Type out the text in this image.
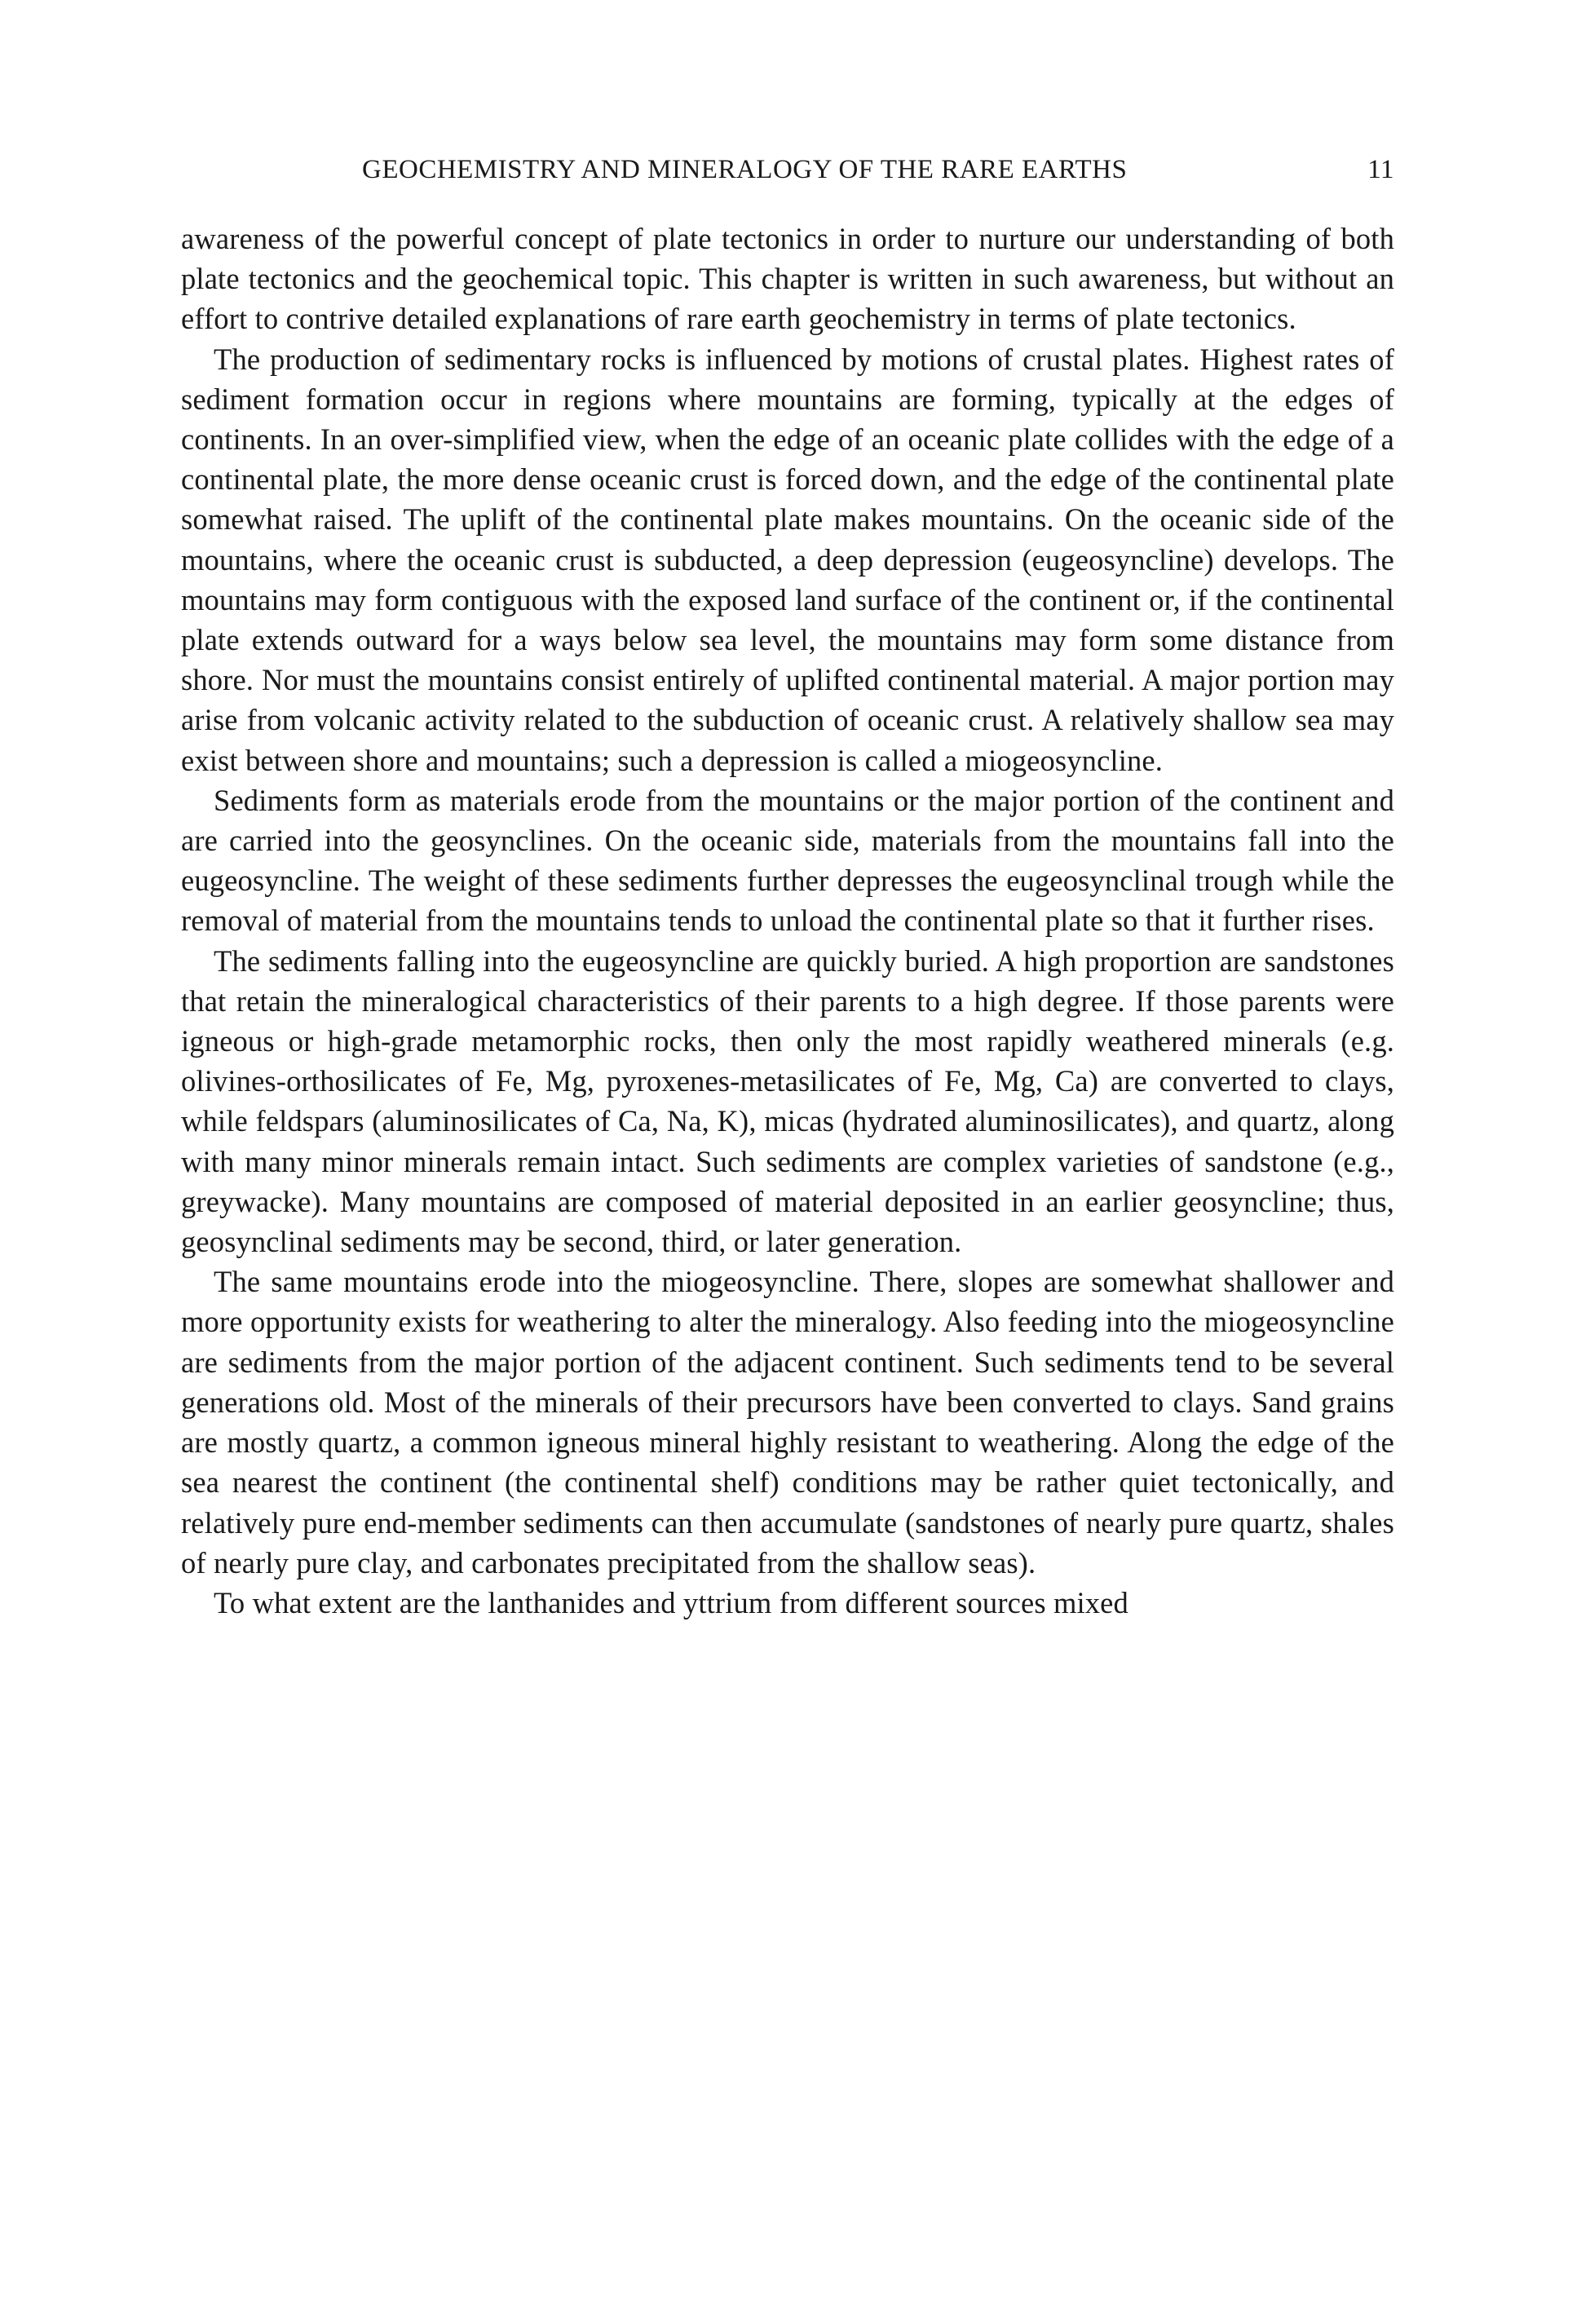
GEOCHEMISTRY AND MINERALOGY OF THE RARE EARTHS	11

awareness of the powerful concept of plate tectonics in order to nurture our understanding of both plate tectonics and the geochemical topic. This chapter is written in such awareness, but without an effort to contrive detailed explanations of rare earth geochemistry in terms of plate tectonics.

The production of sedimentary rocks is influenced by motions of crustal plates. Highest rates of sediment formation occur in regions where mountains are forming, typically at the edges of continents. In an over-simplified view, when the edge of an oceanic plate collides with the edge of a continental plate, the more dense oceanic crust is forced down, and the edge of the continental plate somewhat raised. The uplift of the continental plate makes mountains. On the oceanic side of the mountains, where the oceanic crust is subducted, a deep depression (eugeosyncline) develops. The mountains may form contiguous with the exposed land surface of the continent or, if the continental plate extends outward for a ways below sea level, the mountains may form some distance from shore. Nor must the mountains consist entirely of uplifted continental material. A major portion may arise from volcanic activity related to the subduction of oceanic crust. A relatively shallow sea may exist between shore and mountains; such a depression is called a miogeosyncline.

Sediments form as materials erode from the mountains or the major portion of the continent and are carried into the geosynclines. On the oceanic side, materials from the mountains fall into the eugeosyncline. The weight of these sediments further depresses the eugeosynclinal trough while the removal of material from the mountains tends to unload the continental plate so that it further rises.

The sediments falling into the eugeosyncline are quickly buried. A high proportion are sandstones that retain the mineralogical characteristics of their parents to a high degree. If those parents were igneous or high-grade metamorphic rocks, then only the most rapidly weathered minerals (e.g. olivines-orthosilicates of Fe, Mg, pyroxenes-metasilicates of Fe, Mg, Ca) are converted to clays, while feldspars (aluminosilicates of Ca, Na, K), micas (hydrated aluminosilicates), and quartz, along with many minor minerals remain intact. Such sediments are complex varieties of sandstone (e.g., greywacke). Many mountains are composed of material deposited in an earlier geosyncline; thus, geosynclinal sediments may be second, third, or later generation.

The same mountains erode into the miogeosyncline. There, slopes are somewhat shallower and more opportunity exists for weathering to alter the mineralogy. Also feeding into the miogeosyncline are sediments from the major portion of the adjacent continent. Such sediments tend to be several generations old. Most of the minerals of their precursors have been converted to clays. Sand grains are mostly quartz, a common igneous mineral highly resistant to weathering. Along the edge of the sea nearest the continent (the continental shelf) conditions may be rather quiet tectonically, and relatively pure end-member sediments can then accumulate (sandstones of nearly pure quartz, shales of nearly pure clay, and carbonates precipitated from the shallow seas).

To what extent are the lanthanides and yttrium from different sources mixed
